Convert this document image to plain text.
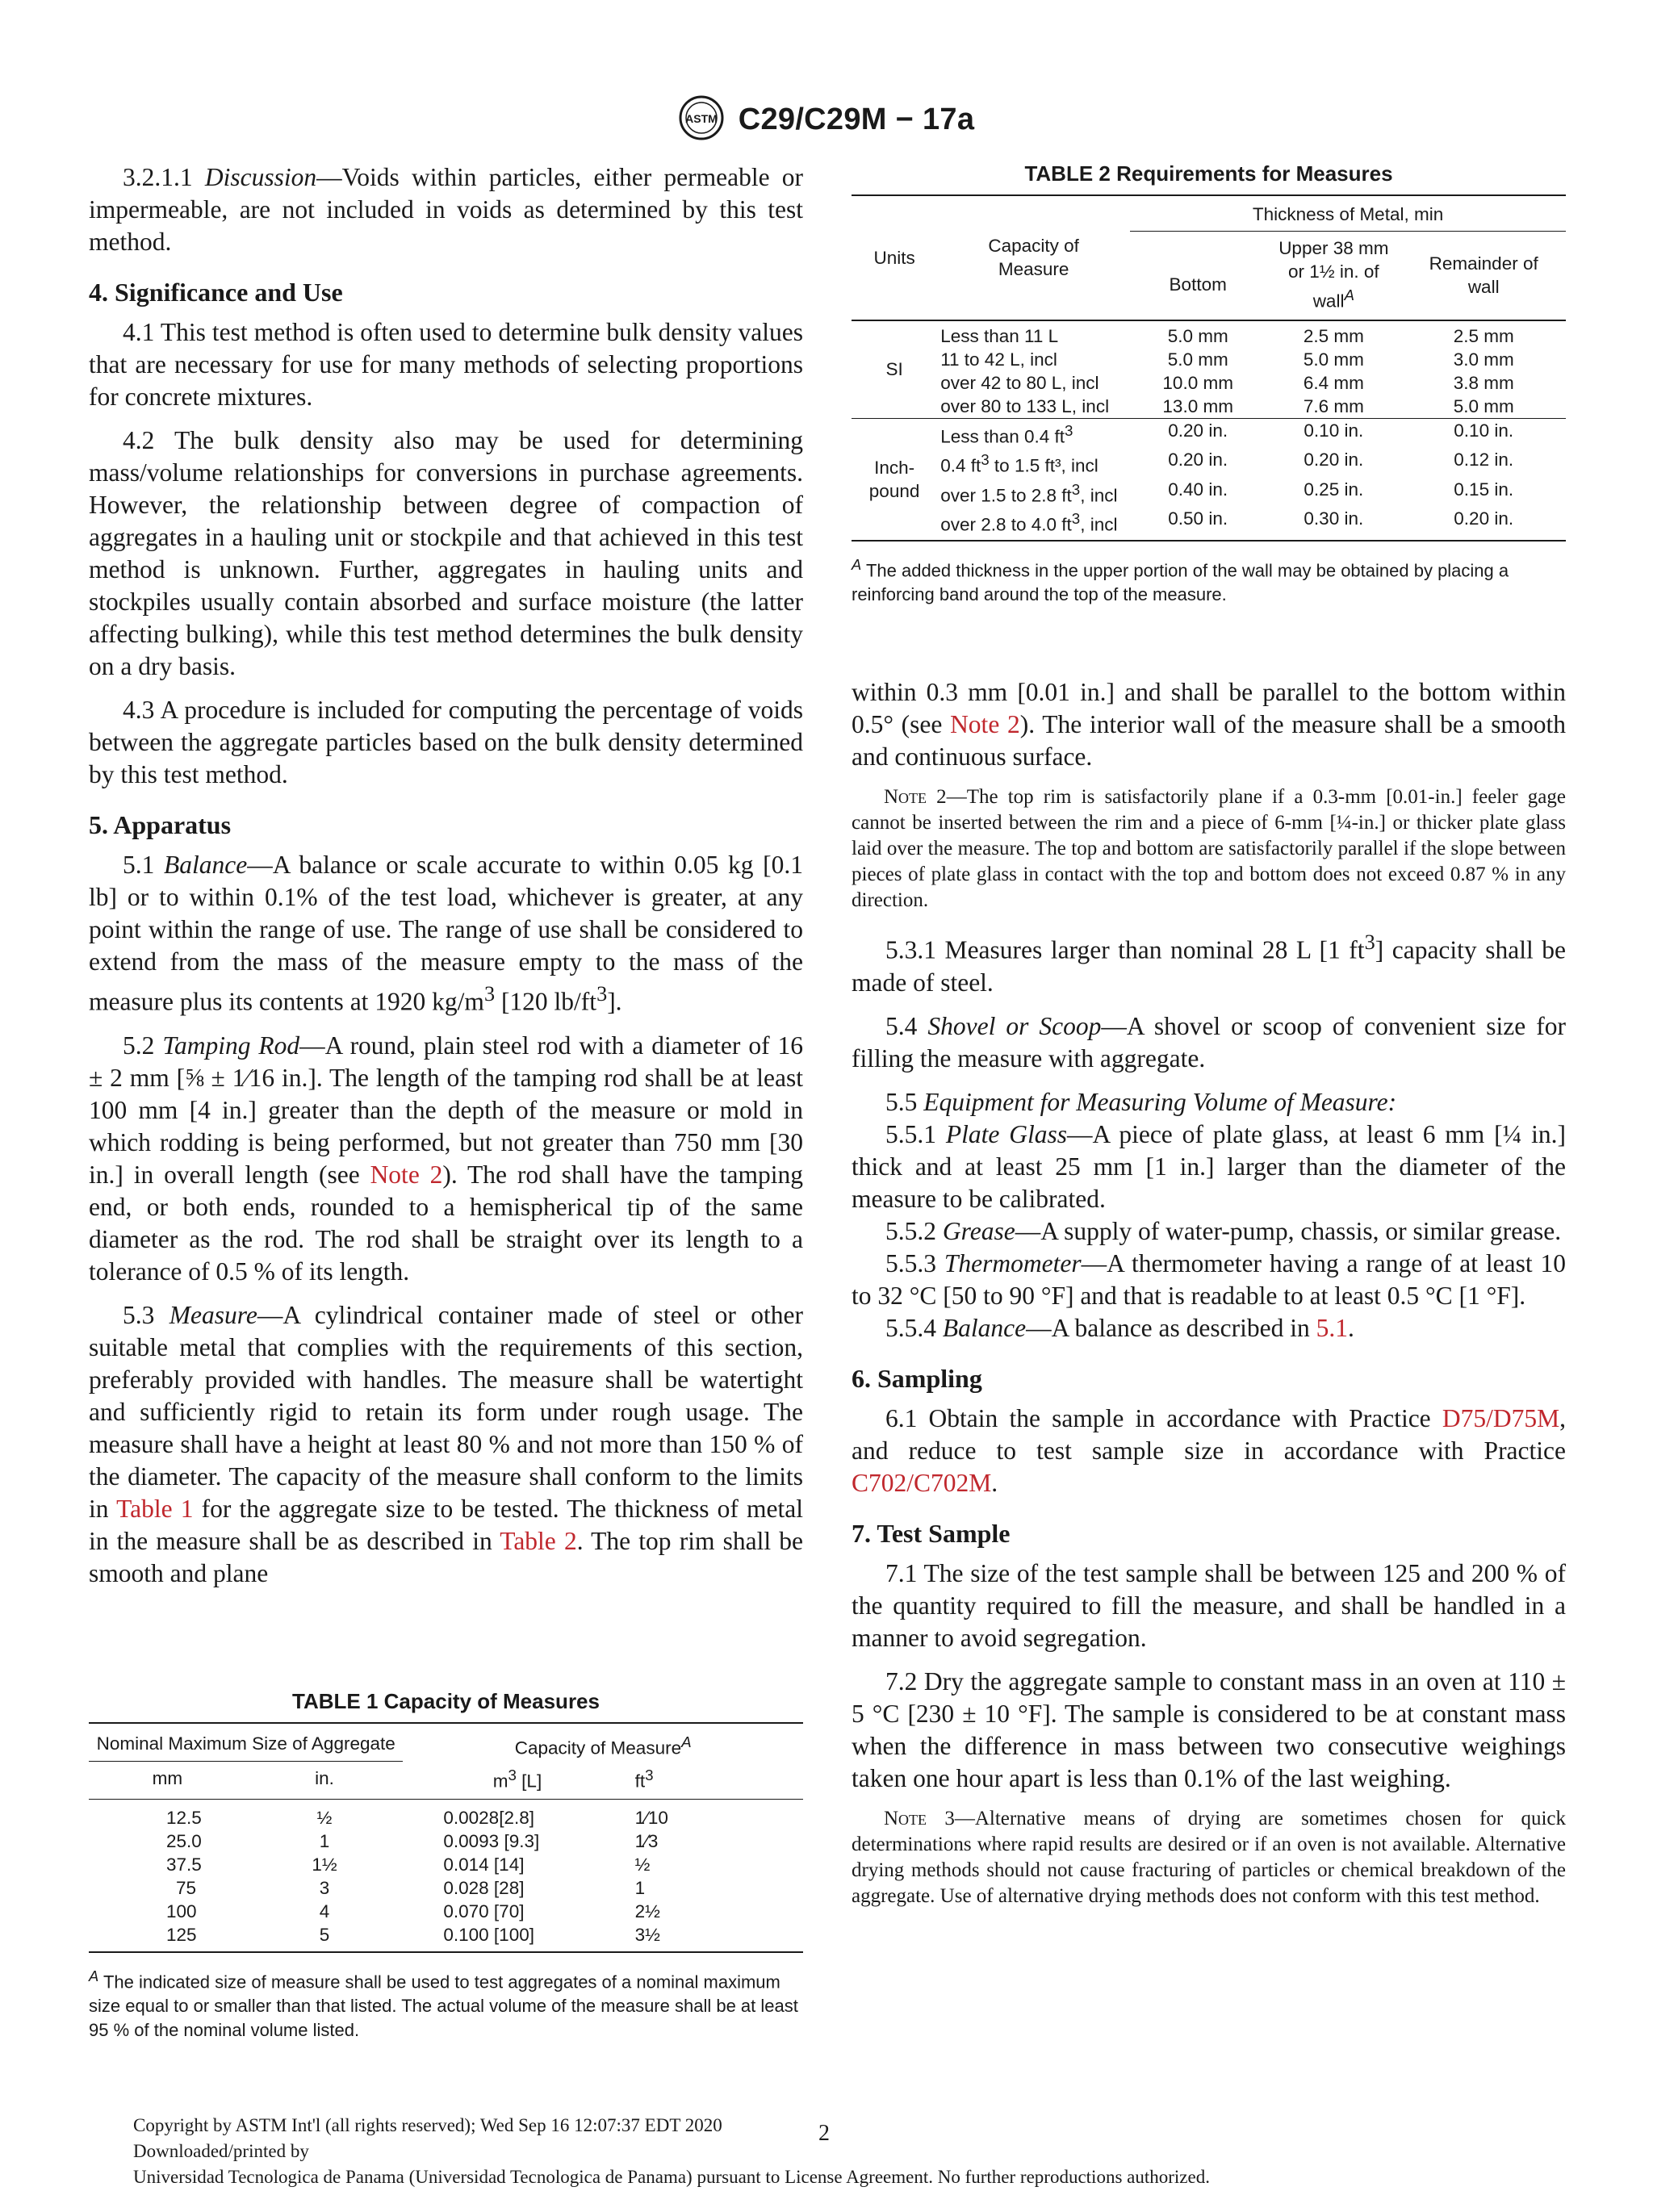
ASTM C29/C29M − 17a

3.2.1.1 Discussion—Voids within particles, either permeable or impermeable, are not included in voids as determined by this test method.

4. Significance and Use

4.1 This test method is often used to determine bulk density values that are necessary for use for many methods of selecting proportions for concrete mixtures.

4.2 The bulk density also may be used for determining mass/volume relationships for conversions in purchase agreements. However, the relationship between degree of compaction of aggregates in a hauling unit or stockpile and that achieved in this test method is unknown. Further, aggregates in hauling units and stockpiles usually contain absorbed and surface moisture (the latter affecting bulking), while this test method determines the bulk density on a dry basis.

4.3 A procedure is included for computing the percentage of voids between the aggregate particles based on the bulk density determined by this test method.

5. Apparatus

5.1 Balance—A balance or scale accurate to within 0.05 kg [0.1 lb] or to within 0.1% of the test load, whichever is greater, at any point within the range of use. The range of use shall be considered to extend from the mass of the measure empty to the mass of the measure plus its contents at 1920 $kg/m^3$ [120 $lb/ft^3$].

5.2 Tamping Rod—A round, plain steel rod with a diameter of 16 ± 2 mm [⅝ ± 1⁄16 in.]. The length of the tamping rod shall be at least 100 mm [4 in.] greater than the depth of the measure or mold in which rodding is being performed, but not greater than 750 mm [30 in.] in overall length (see Note 2). The rod shall have the tamping end, or both ends, rounded to a hemispherical tip of the same diameter as the rod. The rod shall be straight over its length to a tolerance of 0.5 % of its length.

5.3 Measure—A cylindrical container made of steel or other suitable metal that complies with the requirements of this section, preferably provided with handles. The measure shall be watertight and sufficiently rigid to retain its form under rough usage. The measure shall have a height at least 80 % and not more than 150 % of the diameter. The capacity of the measure shall conform to the limits in Table 1 for the aggregate size to be tested. The thickness of metal in the measure shall be as described in Table 2. The top rim shall be smooth and plane

TABLE 1 Capacity of Measures
Nominal Maximum Size of Aggregate		Capacity of Measure$^A$
mm	in.	$m^3$ [L]	$ft^3$
12.5	½	0.0028[2.8]	1⁄10
25.0	1	0.0093 [9.3]	1⁄3
37.5	1½	0.014 [14]	½
75	3	0.028 [28]	1
100	4	0.070 [70]	2½
125	5	0.100 [100]	3½
$^A$ The indicated size of measure shall be used to test aggregates of a nominal maximum size equal to or smaller than that listed. The actual volume of the measure shall be at least 95 % of the nominal volume listed.
TABLE 2 Requirements for Measures
Units	Capacity of Measure	Thickness of Metal, min		
		Bottom	Upper 38 mm or 1½ in. of wall$^A$	Remainder of wall
SI	Less than 11 L	5.0 mm	2.5 mm	2.5 mm
	11 to 42 L, incl	5.0 mm	5.0 mm	3.0 mm
	over 42 to 80 L, incl	10.0 mm	6.4 mm	3.8 mm
	over 80 to 133 L, incl	13.0 mm	7.6 mm	5.0 mm
Inch-
pound	Less than 0.4 $ft^3$	0.20 in.	0.10 in.	0.10 in.
	0.4 $ft^3$ to 1.5 ft³, incl	0.20 in.	0.20 in.	0.12 in.
	over 1.5 to 2.8 $ft^3$, incl	0.40 in.	0.25 in.	0.15 in.
	over 2.8 to 4.0 $ft^3$, incl	0.50 in.	0.30 in.	0.20 in.
$^A$ The added thickness in the upper portion of the wall may be obtained by placing a reinforcing band around the top of the measure.

within 0.3 mm [0.01 in.] and shall be parallel to the bottom within 0.5° (see Note 2). The interior wall of the measure shall be a smooth and continuous surface.

Note 2—The top rim is satisfactorily plane if a 0.3-mm [0.01-in.] feeler gage cannot be inserted between the rim and a piece of 6-mm [¼-in.] or thicker plate glass laid over the measure. The top and bottom are satisfactorily parallel if the slope between pieces of plate glass in contact with the top and bottom does not exceed 0.87 % in any direction.

5.3.1 Measures larger than nominal 28 L [1 $ft^3$] capacity shall be made of steel.

5.4 Shovel or Scoop—A shovel or scoop of convenient size for filling the measure with aggregate.

5.5 Equipment for Measuring Volume of Measure:

5.5.1 Plate Glass—A piece of plate glass, at least 6 mm [¼ in.] thick and at least 25 mm [1 in.] larger than the diameter of the measure to be calibrated.

5.5.2 Grease—A supply of water-pump, chassis, or similar grease.

5.5.3 Thermometer—A thermometer having a range of at least 10 to 32 °C [50 to 90 °F] and that is readable to at least 0.5 °C [1 °F].

5.5.4 Balance—A balance as described in 5.1.

6. Sampling

6.1 Obtain the sample in accordance with Practice D75/D75M, and reduce to test sample size in accordance with Practice C702/C702M.

7. Test Sample

7.1 The size of the test sample shall be between 125 and 200 % of the quantity required to fill the measure, and shall be handled in a manner to avoid segregation.

7.2 Dry the aggregate sample to constant mass in an oven at 110 ± 5 °C [230 ± 10 °F]. The sample is considered to be at constant mass when the difference in mass between two consecutive weighings taken one hour apart is less than 0.1% of the last weighing.

Note 3—Alternative means of drying are sometimes chosen for quick determinations where rapid results are desired or if an oven is not available. Alternative drying methods should not cause fracturing of particles or chemical breakdown of the aggregate. Use of alternative drying methods does not conform with this test method.
Copyright by ASTM Int'l (all rights reserved); Wed Sep 16 12:07:37 EDT 2020
Downloaded/printed by
Universidad Tecnologica de Panama (Universidad Tecnologica de Panama) pursuant to License Agreement. No further reproductions authorized.
2
